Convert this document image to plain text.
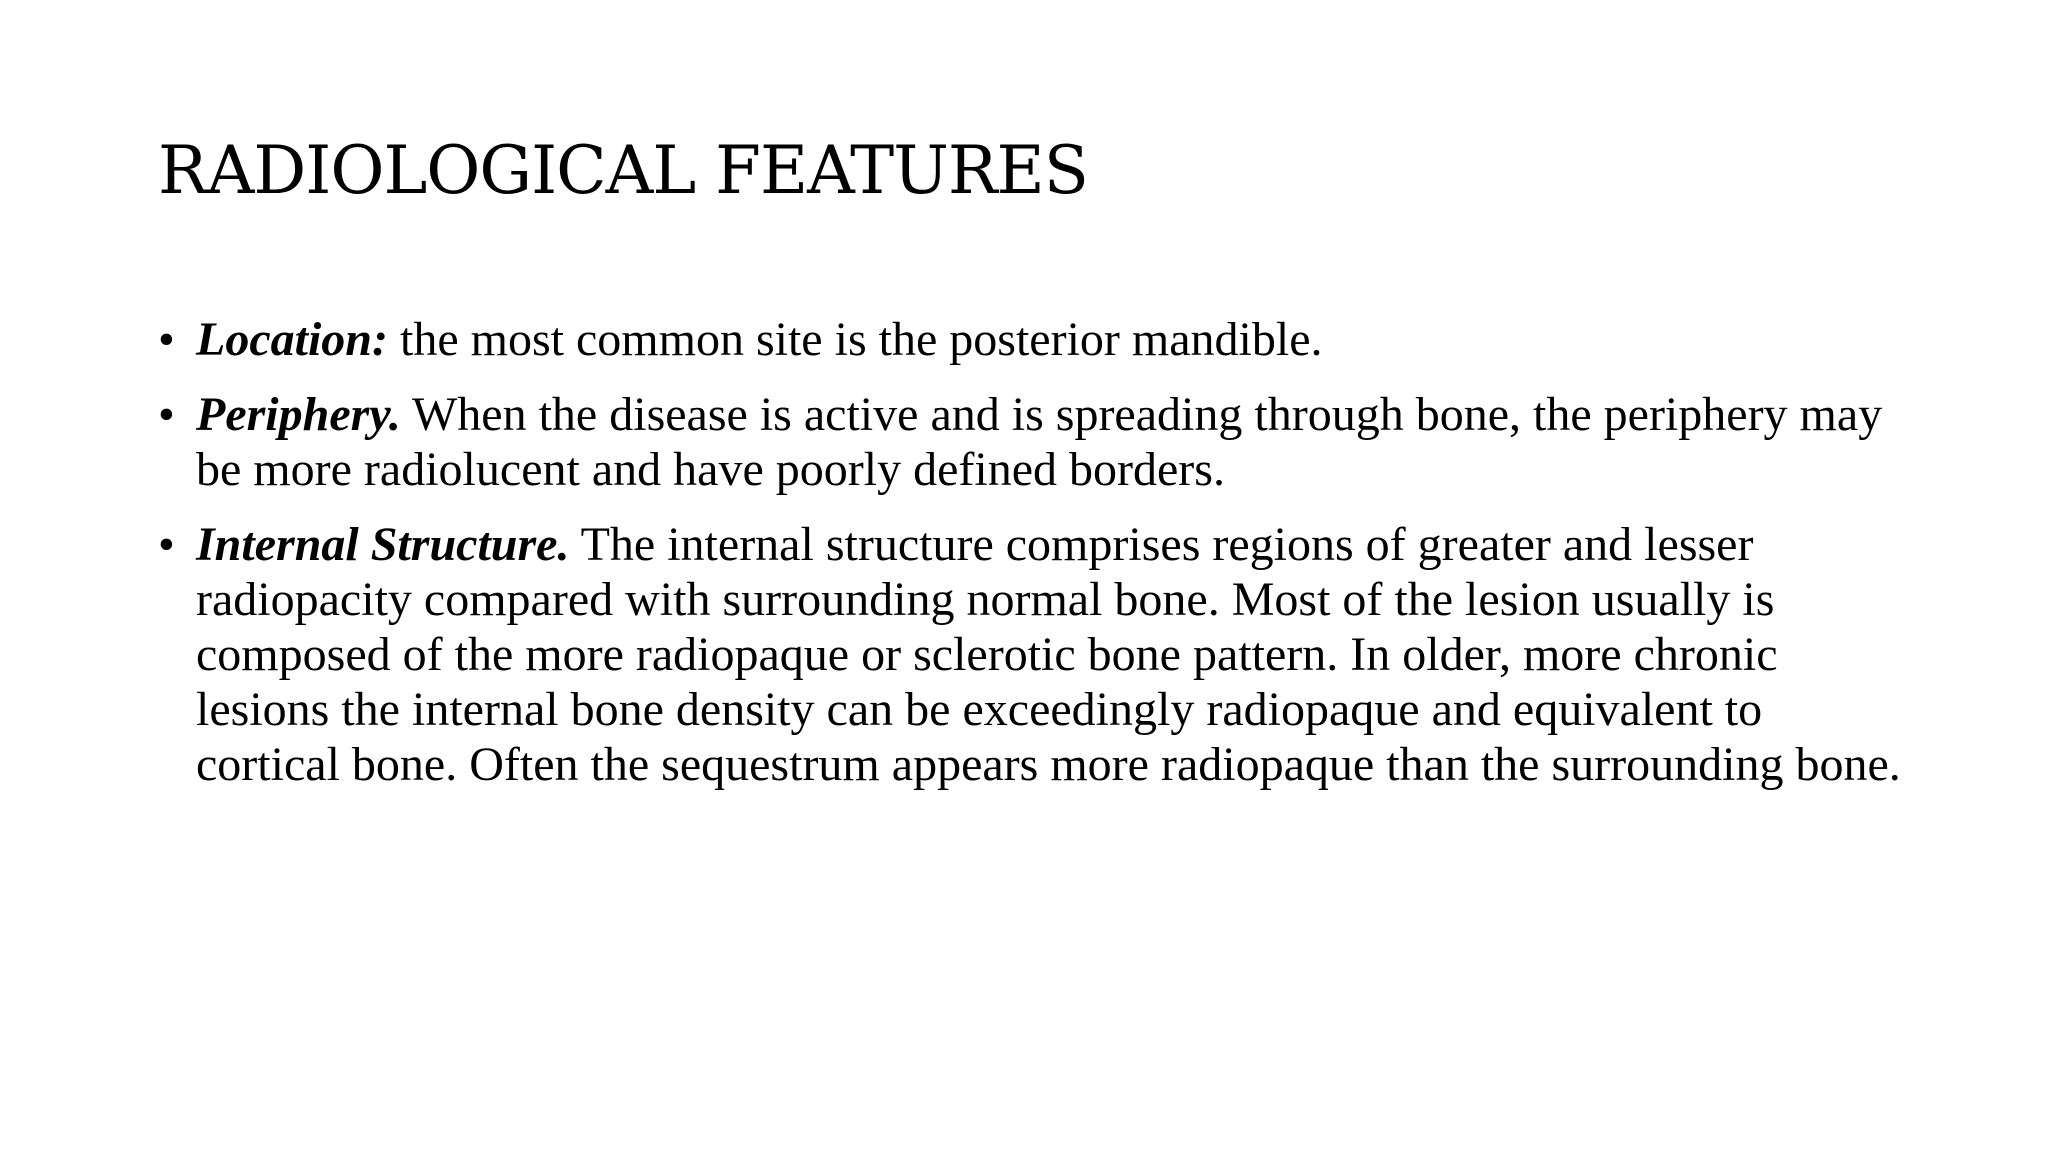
RADIOLOGICAL FEATURES
• Location: the most common site is the posterior mandible.
• Periphery. When the disease is active and is spreading through bone, the periphery may be more radiolucent and have poorly defined borders.
• Internal Structure. The internal structure comprises regions of greater and lesser radiopacity compared with surrounding normal bone. Most of the lesion usually is composed of the more radiopaque or sclerotic bone pattern. In older, more chronic lesions the internal bone density can be exceedingly radiopaque and equivalent to cortical bone. Often the sequestrum appears more radiopaque than the surrounding bone.
